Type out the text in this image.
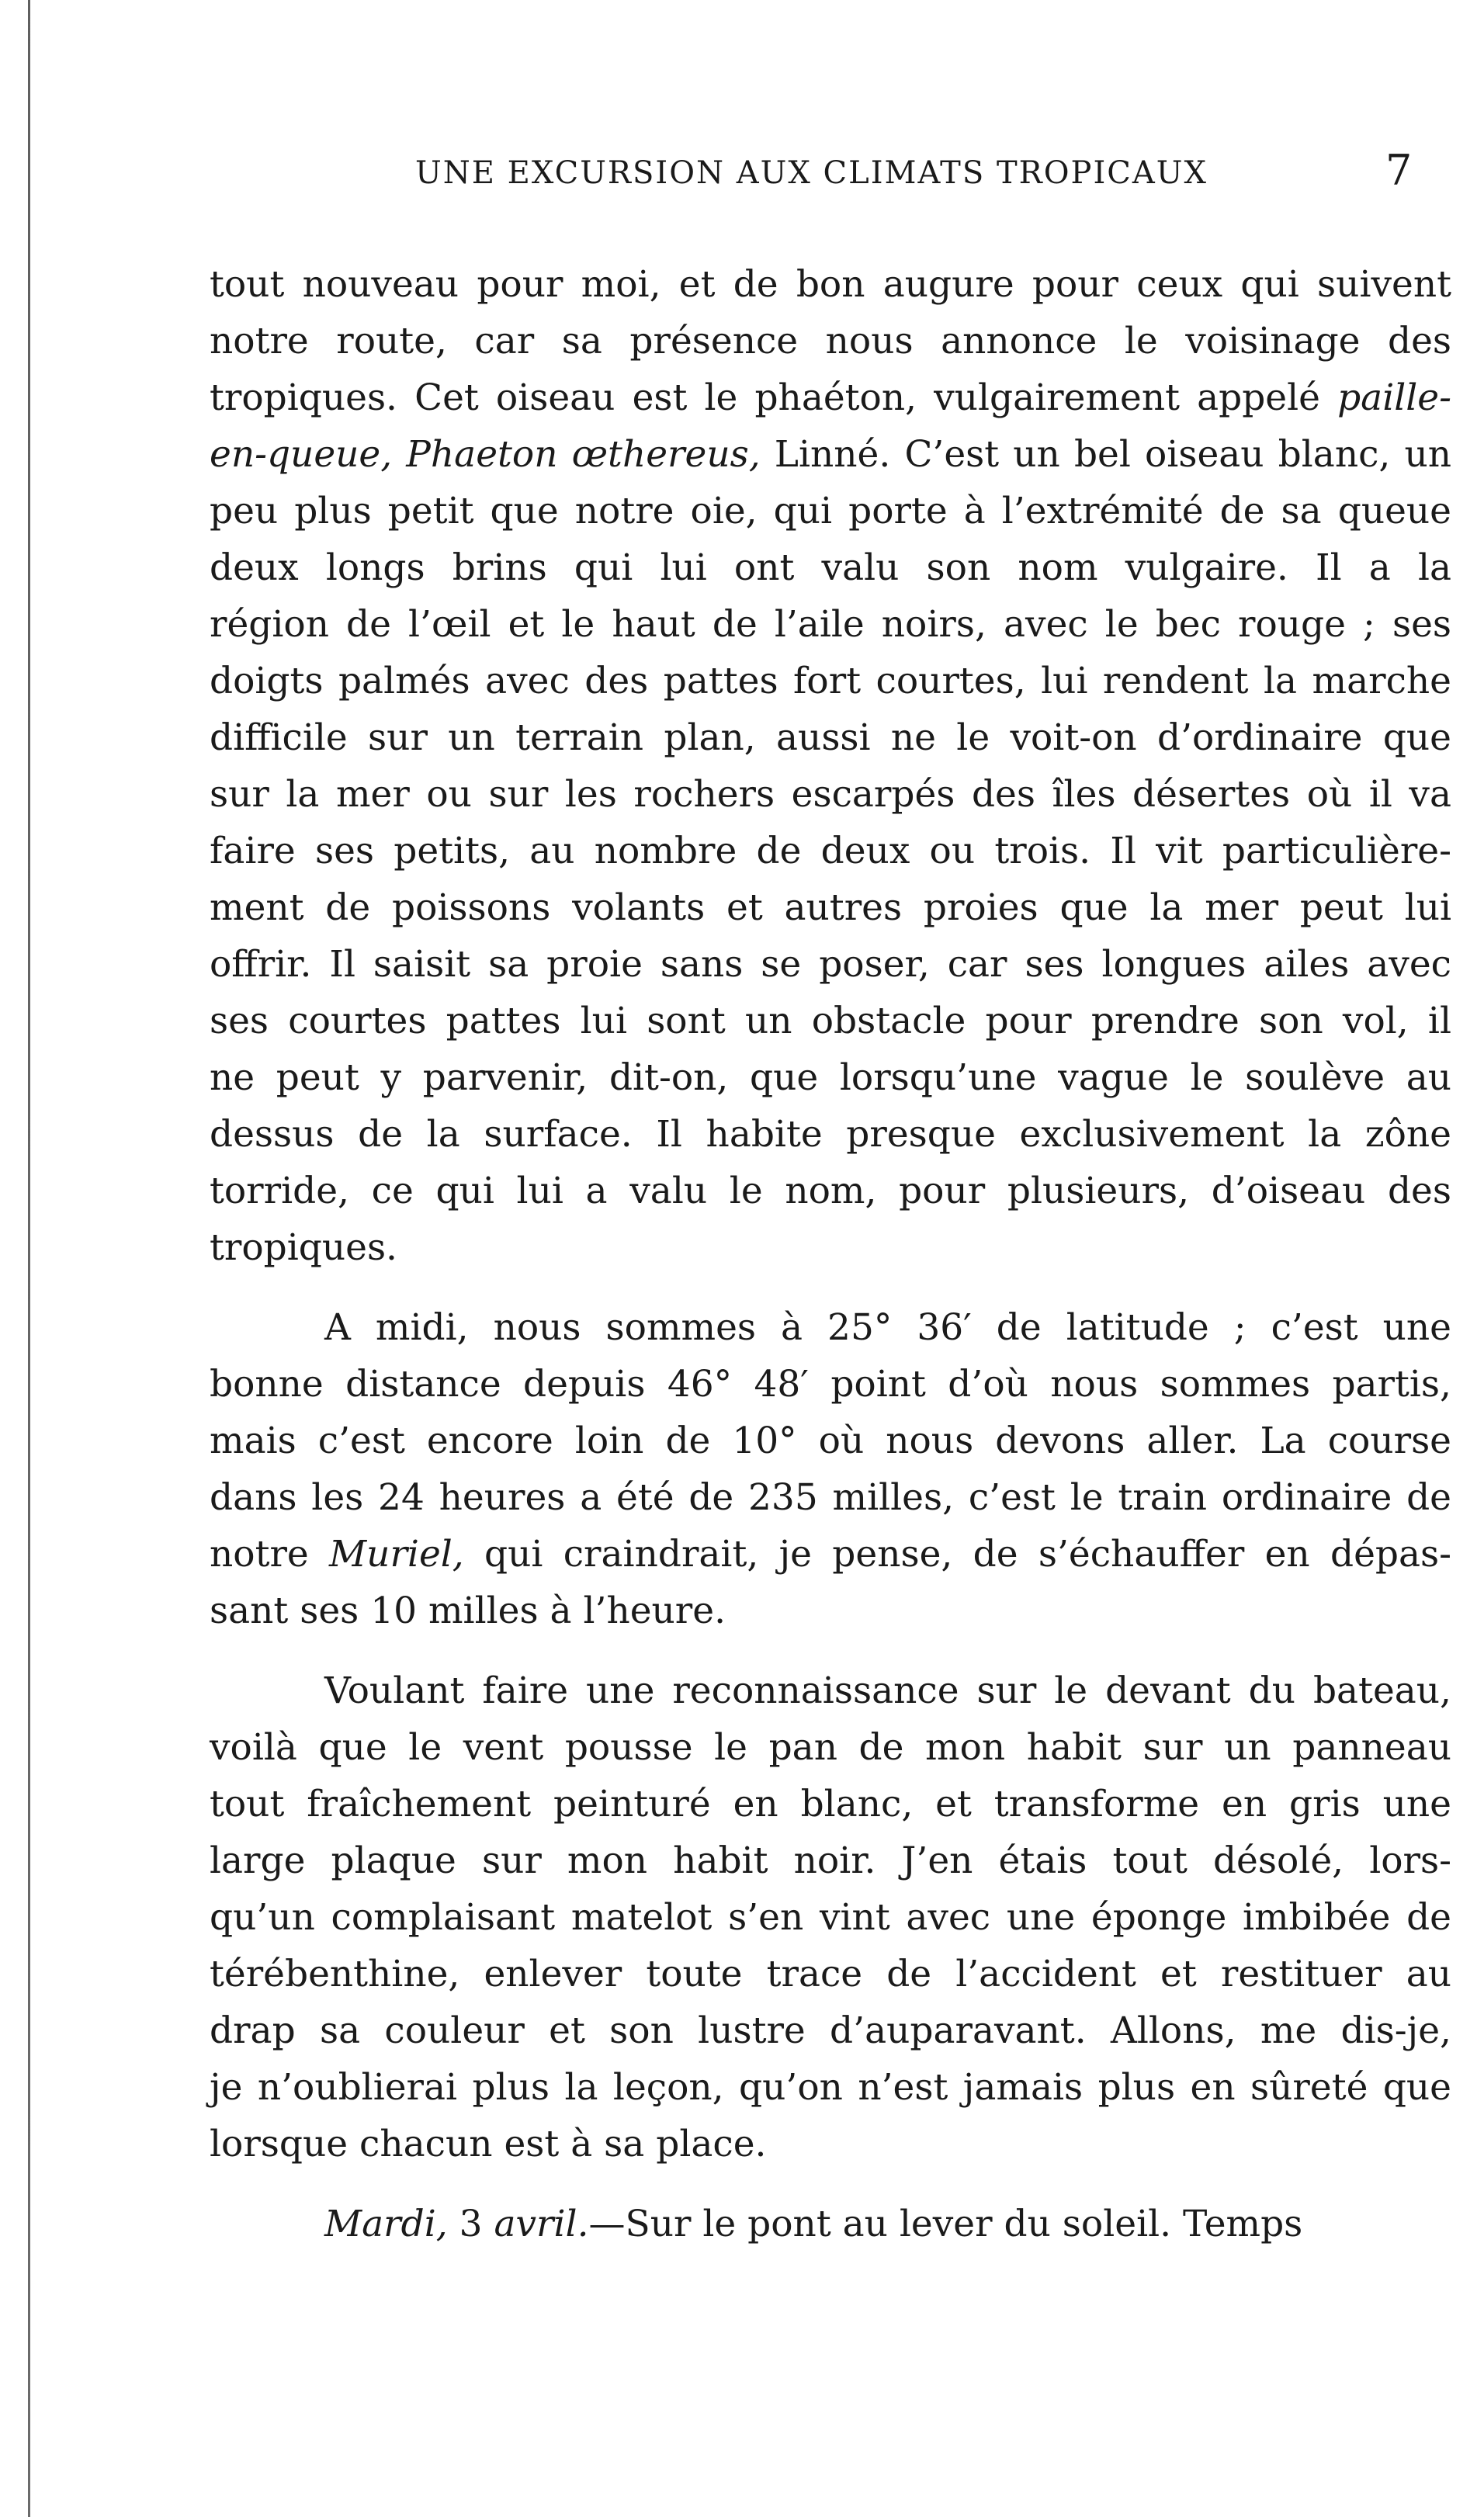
UNE EXCURSION AUX CLIMATS TROPICAUX	7
tout nouveau pour moi, et de bon augure pour ceux qui suivent
notre route, car sa présence nous annonce le voisinage des
tropiques. Cet oiseau est le phaéton, vulgairement appelé paille-
en-queue, Phaeton œthereus, Linné. C’est un bel oiseau blanc, un
peu plus petit que notre oie, qui porte à l’extrémité de sa queue
deux longs brins qui lui ont valu son nom vulgaire. Il a la
région de l’œil et le haut de l’aile noirs, avec le bec rouge ; ses
doigts palmés avec des pattes fort courtes, lui rendent la marche
difficile sur un terrain plan, aussi ne le voit-on d’ordinaire que
sur la mer ou sur les rochers escarpés des îles désertes où il va
faire ses petits, au nombre de deux ou trois. Il vit particulière-
ment de poissons volants et autres proies que la mer peut lui
offrir. Il saisit sa proie sans se poser, car ses longues ailes avec
ses courtes pattes lui sont un obstacle pour prendre son vol, il
ne peut y parvenir, dit-on, que lorsqu’une vague le soulève au
dessus de la surface. Il habite presque exclusivement la zône
torride, ce qui lui a valu le nom, pour plusieurs, d’oiseau des
tropiques.
A midi, nous sommes à 25° 36′ de latitude ; c’est une
bonne distance depuis 46° 48′ point d’où nous sommes partis,
mais c’est encore loin de 10° où nous devons aller. La course
dans les 24 heures a été de 235 milles, c’est le train ordinaire de
notre Muriel, qui craindrait, je pense, de s’échauffer en dépas-
sant ses 10 milles à l’heure.
Voulant faire une reconnaissance sur le devant du bateau,
voilà que le vent pousse le pan de mon habit sur un panneau
tout fraîchement peinturé en blanc, et transforme en gris une
large plaque sur mon habit noir. J’en étais tout désolé, lors-
qu’un complaisant matelot s’en vint avec une éponge imbibée de
térébenthine, enlever toute trace de l’accident et restituer au
drap sa couleur et son lustre d’auparavant. Allons, me dis-je,
je n’oublierai plus la leçon, qu’on n’est jamais plus en sûreté que
lorsque chacun est à sa place.
Mardi, 3 avril.—Sur le pont au lever du soleil. Temps
